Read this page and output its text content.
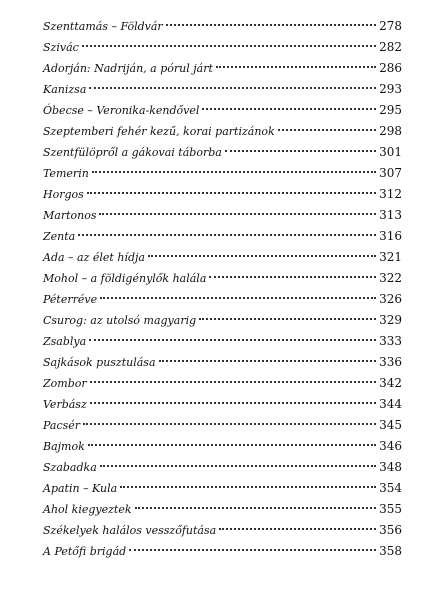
Szenttamás – Földvár	278
Szivác	282
Adorján: Nadriján, a pórul járt	286
Kanizsa	293
Óbecse – Veronika-kendővel	295
Szeptemberi fehér kezű, korai partizánok	298
Szentfülöpről a gákovai táborba	301
Temerin	307
Horgos	312
Martonos	313
Zenta	316
Ada – az élet hídja	321
Mohol – a földigénylők halála	322
Péterréve	326
Csurog: az utolsó magyarig	329
Zsablya	333
Sajkások pusztulása	336
Zombor	342
Verbász	344
Pacsér	345
Bajmok	346
Szabadka	348
Apatin – Kula	354
Ahol kiegyeztek	355
Székelyek halálos vesszőfutása	356
A Petőfi brigád	358
